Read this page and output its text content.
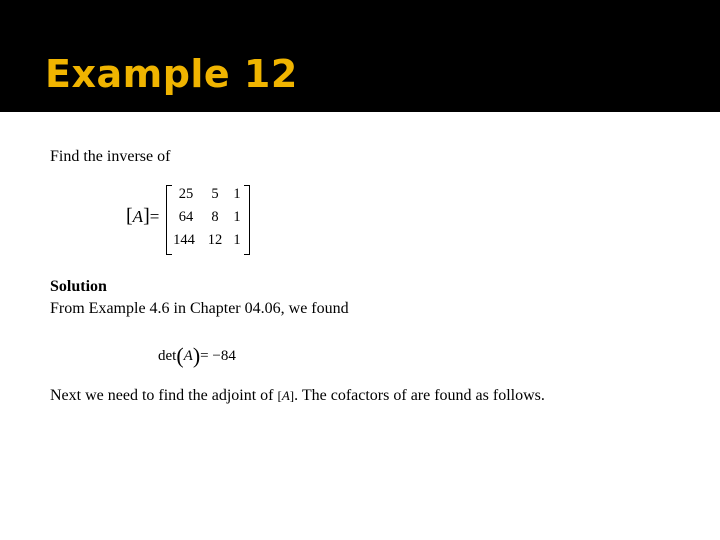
Example 12
Find the inverse of
[A]=
25	5	1
64	8	1
144 12 1
Solution
From Example 4.6 in Chapter 04.06, we found
det(A)= −84
Next we need to find the adjoint of [A]. The cofactors of are found as follows.
